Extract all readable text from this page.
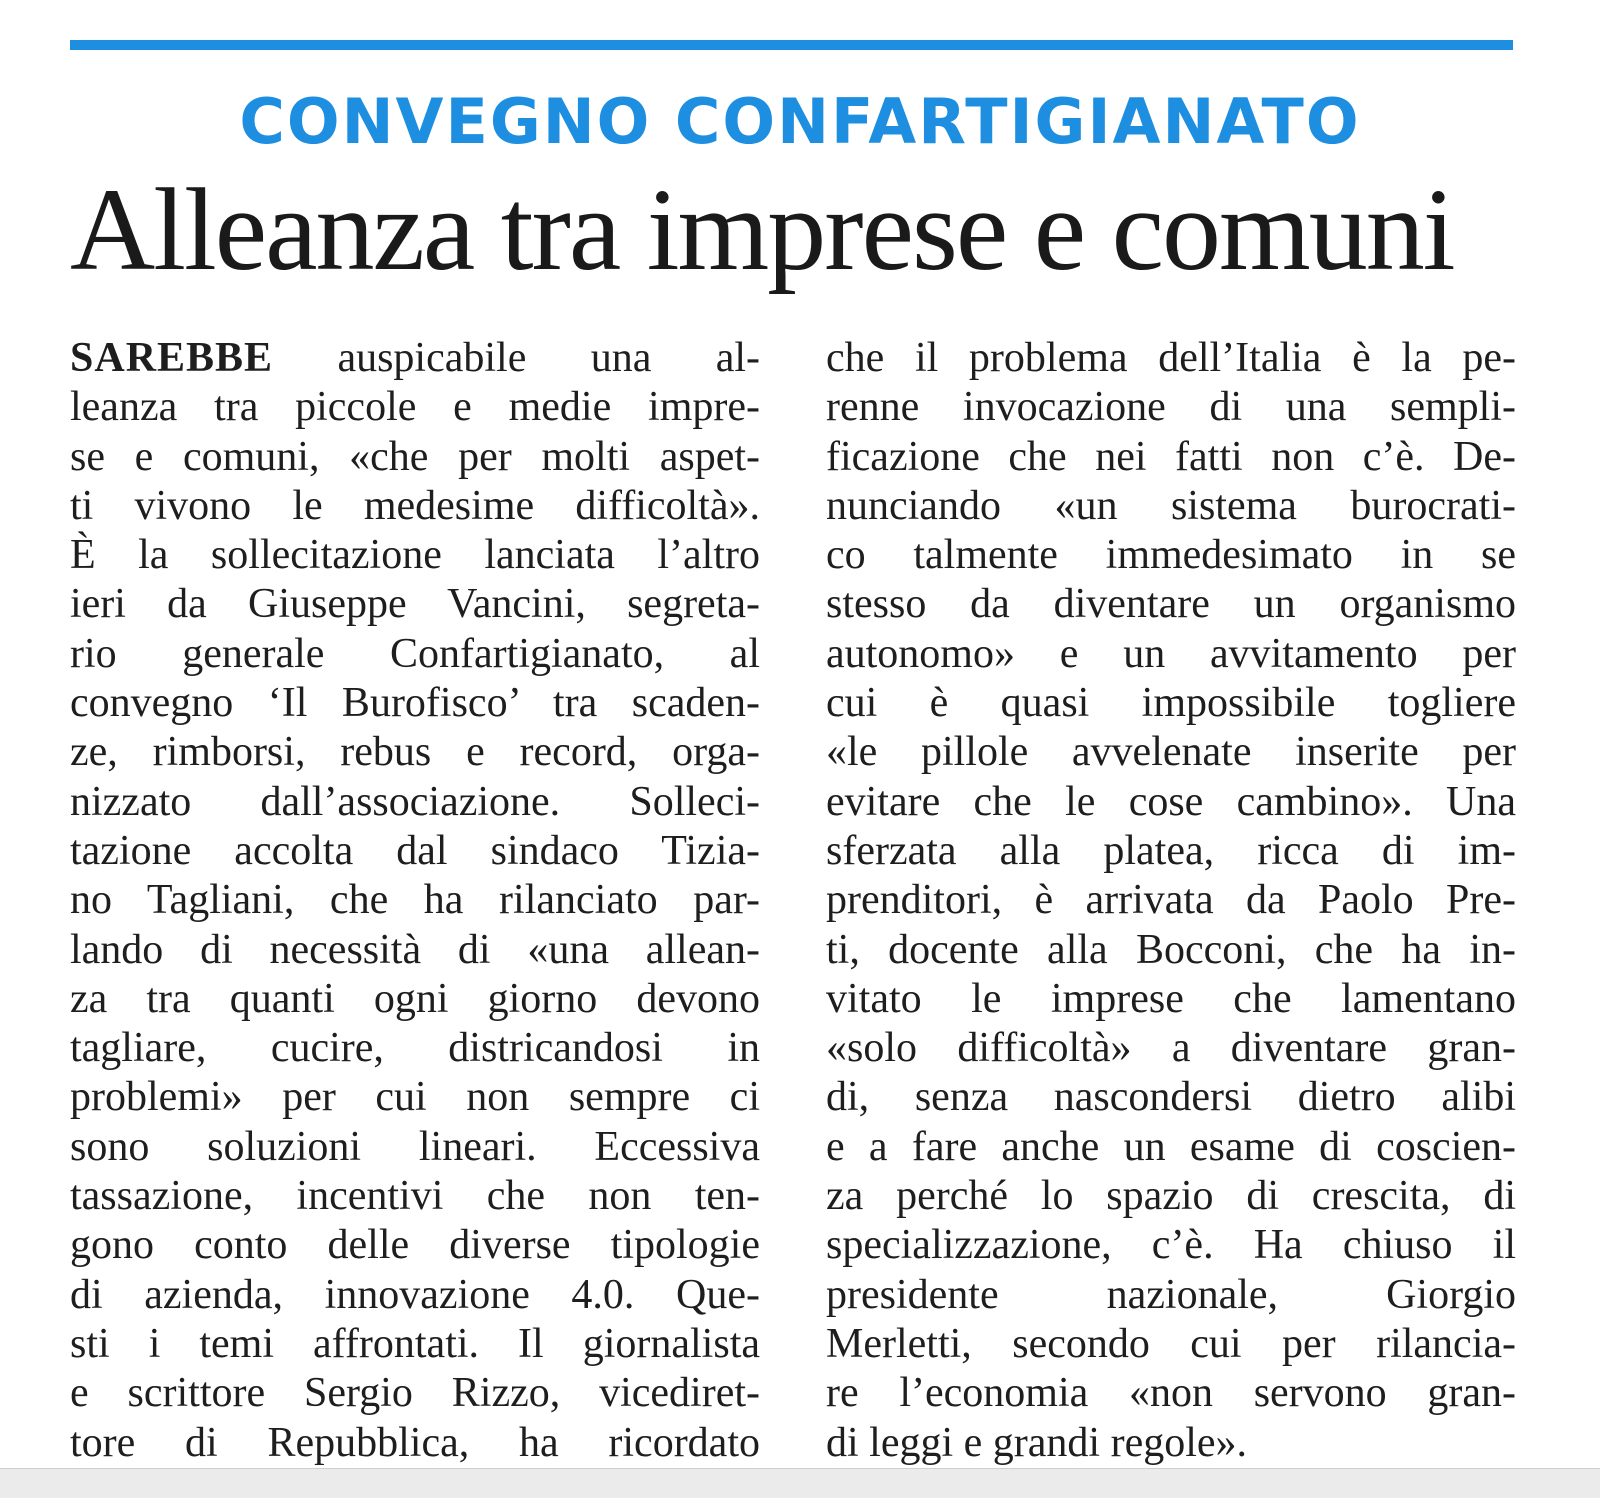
CONVEGNO CONFARTIGIANATO
Alleanza tra imprese e comuni
SAREBBE auspicabile una al-
leanza tra piccole e medie impre-
se e comuni, «che per molti aspet-
ti vivono le medesime difficoltà».
È la sollecitazione lanciata l’altro
ieri da Giuseppe Vancini, segreta-
rio generale Confartigianato, al
convegno ‘Il Burofisco’ tra scaden-
ze, rimborsi, rebus e record, orga-
nizzato dall’associazione. Solleci-
tazione accolta dal sindaco Tizia-
no Tagliani, che ha rilanciato par-
lando di necessità di «una allean-
za tra quanti ogni giorno devono
tagliare, cucire, districandosi in
problemi» per cui non sempre ci
sono soluzioni lineari. Eccessiva
tassazione, incentivi che non ten-
gono conto delle diverse tipologie
di azienda, innovazione 4.0. Que-
sti i temi affrontati. Il giornalista
e scrittore Sergio Rizzo, vicediret-
tore di Repubblica, ha ricordato
che il problema dell’Italia è la pe-
renne invocazione di una sempli-
ficazione che nei fatti non c’è. De-
nunciando «un sistema burocrati-
co talmente immedesimato in se
stesso da diventare un organismo
autonomo» e un avvitamento per
cui è quasi impossibile togliere
«le pillole avvelenate inserite per
evitare che le cose cambino». Una
sferzata alla platea, ricca di im-
prenditori, è arrivata da Paolo Pre-
ti, docente alla Bocconi, che ha in-
vitato le imprese che lamentano
«solo difficoltà» a diventare gran-
di, senza nascondersi dietro alibi
e a fare anche un esame di coscien-
za perché lo spazio di crescita, di
specializzazione, c’è. Ha chiuso il
presidente nazionale, Giorgio
Merletti, secondo cui per rilancia-
re l’economia «non servono gran-
di leggi e grandi regole».
